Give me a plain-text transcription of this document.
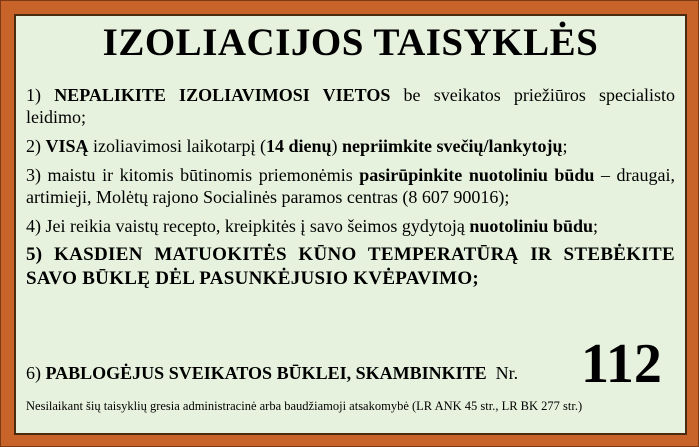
IZOLIACIJOS TAISYKLĖS

1) NEPALIKITE IZOLIAVIMOSI VIETOS be sveikatos priežiūros specialisto leidimo;

2) VISĄ izoliavimosi laikotarpį (14 dienų) nepriimkite svečių/lankytojų;

3) maistu ir kitomis būtinomis priemonėmis pasirūpinkite nuotoliniu būdu – draugai, artimieji, Molėtų rajono Socialinės paramos centras (8 607 90016);

4) Jei reikia vaistų recepto, kreipkitės į savo šeimos gydytoją nuotoliniu būdu;

5) KASDIEN MATUOKITĖS KŪNO TEMPERATŪRĄ IR STEBĖKITE SAVO BŪKLĘ DĖL PASUNKĖJUSIO KVĖPAVIMO;

6) PABLOGĖJUS SVEIKATOS BŪKLEI, SKAMBINKITE Nr. 112
Nesilaikant šių taisyklių gresia administracinė arba baudžiamoji atsakomybė (LR ANK 45 str., LR BK 277 str.)
